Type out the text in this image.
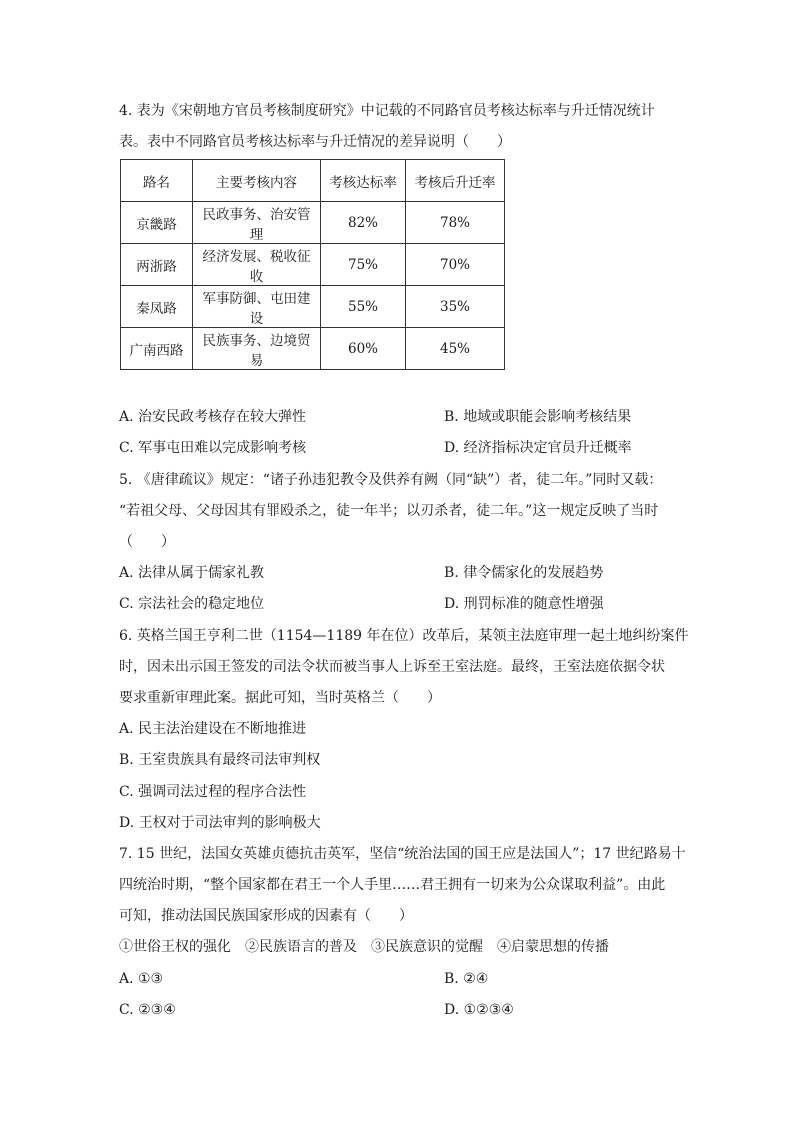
4. 表为《宋朝地方官员考核制度研究》中记载的不同路官员考核达标率与升迁情况统计
表。表中不同路官员考核达标率与升迁情况的差异说明（　　）
路名	主要考核内容	考核达标率	考核后升迁率
京畿路	民政事务、治安管理	82%	78%
两浙路	经济发展、税收征收	75%	70%
秦凤路	军事防御、屯田建设	55%	35%
广南西路	民族事务、边境贸易	60%	45%
A. 治安民政考核存在较大弹性	B. 地域或职能会影响考核结果
C. 军事屯田难以完成影响考核	D. 经济指标决定官员升迁概率
5. 《唐律疏议》规定：“诸子孙违犯教令及供养有阙（同“缺”）者，徒二年。”同时又载：
“若祖父母、父母因其有罪殴杀之，徒一年半；以刃杀者，徒二年。”这一规定反映了当时
（　　）
A. 法律从属于儒家礼教	B. 律令儒家化的发展趋势
C. 宗法社会的稳定地位	D. 刑罚标准的随意性增强
6. 英格兰国王亨利二世（1154—1189 年在位）改革后，某领主法庭审理一起土地纠纷案件
时，因未出示国王签发的司法令状而被当事人上诉至王室法庭。最终，王室法庭依据令状
要求重新审理此案。据此可知，当时英格兰（　　）
A. 民主法治建设在不断地推进
B. 王室贵族具有最终司法审判权
C. 强调司法过程的程序合法性
D. 王权对于司法审判的影响极大
7. 15 世纪，法国女英雄贞德抗击英军，坚信“统治法国的国王应是法国人”；17 世纪路易十
四统治时期，“整个国家都在君王一个人手里……君王拥有一切来为公众谋取利益”。由此
可知，推动法国民族国家形成的因素有（　　）
①世俗王权的强化　②民族语言的普及　③民族意识的觉醒　④启蒙思想的传播
A. ①③	B. ②④
C. ②③④	D. ①②③④
